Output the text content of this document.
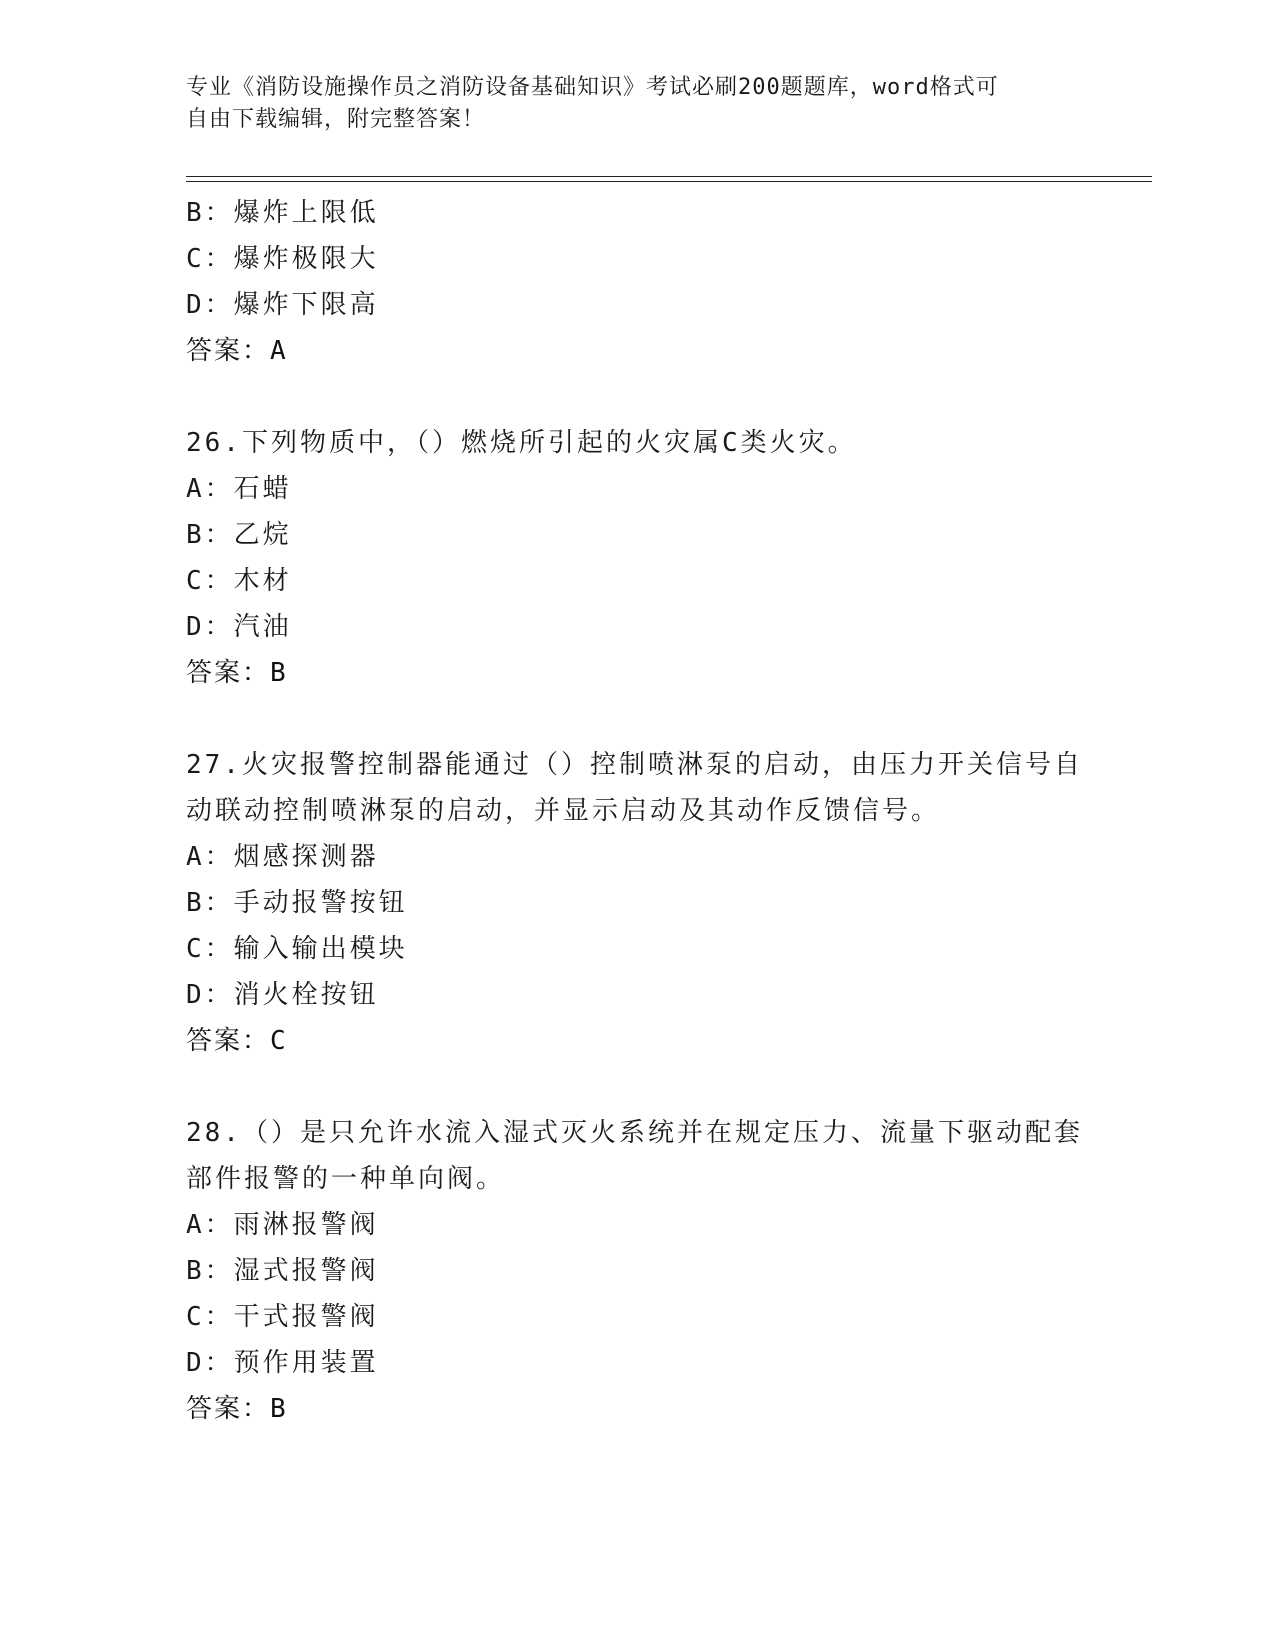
专业《消防设施操作员之消防设备基础知识》考试必刷200题题库，word格式可
自由下载编辑，附完整答案！
B：爆炸上限低
C：爆炸极限大
D：爆炸下限高
答案：A
26.下列物质中，（）燃烧所引起的火灾属C类火灾。
A：石蜡
B：乙烷
C：木材
D：汽油
答案：B
27.火灾报警控制器能通过（）控制喷淋泵的启动，由压力开关信号自
动联动控制喷淋泵的启动，并显示启动及其动作反馈信号。
A：烟感探测器
B：手动报警按钮
C：输入输出模块
D：消火栓按钮
答案：C
28.（）是只允许水流入湿式灭火系统并在规定压力、流量下驱动配套
部件报警的一种单向阀。
A：雨淋报警阀
B：湿式报警阀
C：干式报警阀
D：预作用装置
答案：B
